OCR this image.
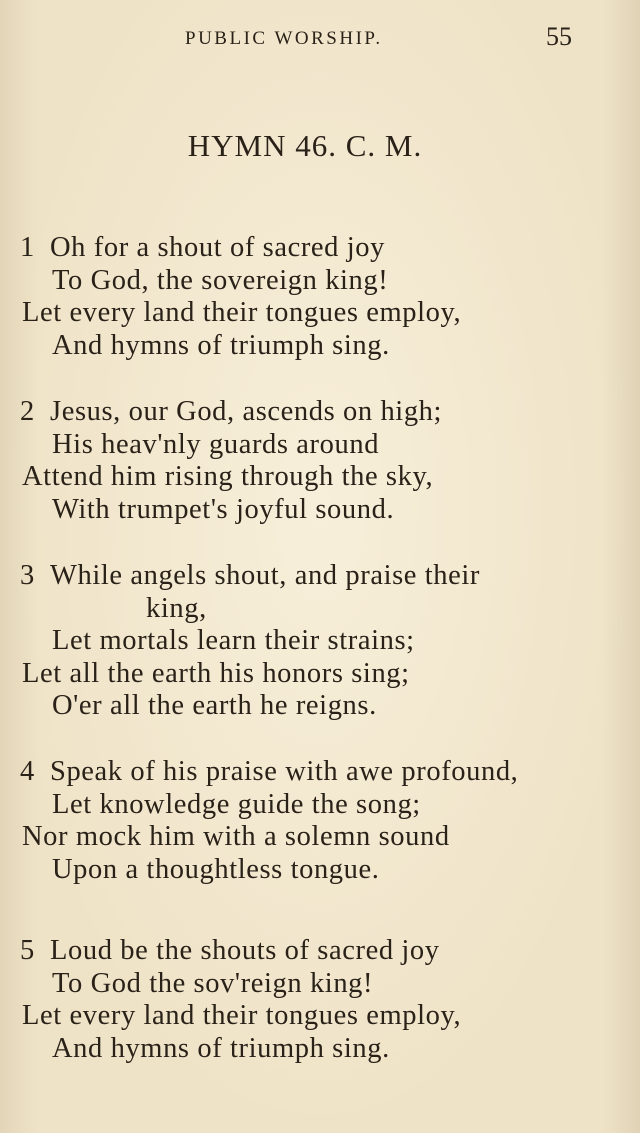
PUBLIC WORSHIP.	55
HYMN 46. C. M.
1 Oh for a shout of sacred joy
To God, the sovereign king!
Let every land their tongues employ,
And hymns of triumph sing.
2 Jesus, our God, ascends on high;
His heav'nly guards around
Attend him rising through the sky,
With trumpet's joyful sound.
3 While angels shout, and praise their
king,
Let mortals learn their strains;
Let all the earth his honors sing;
O'er all the earth he reigns.
4 Speak of his praise with awe profound,
Let knowledge guide the song;
Nor mock him with a solemn sound
Upon a thoughtless tongue.
5 Loud be the shouts of sacred joy
To God the sov'reign king!
Let every land their tongues employ,
And hymns of triumph sing.
